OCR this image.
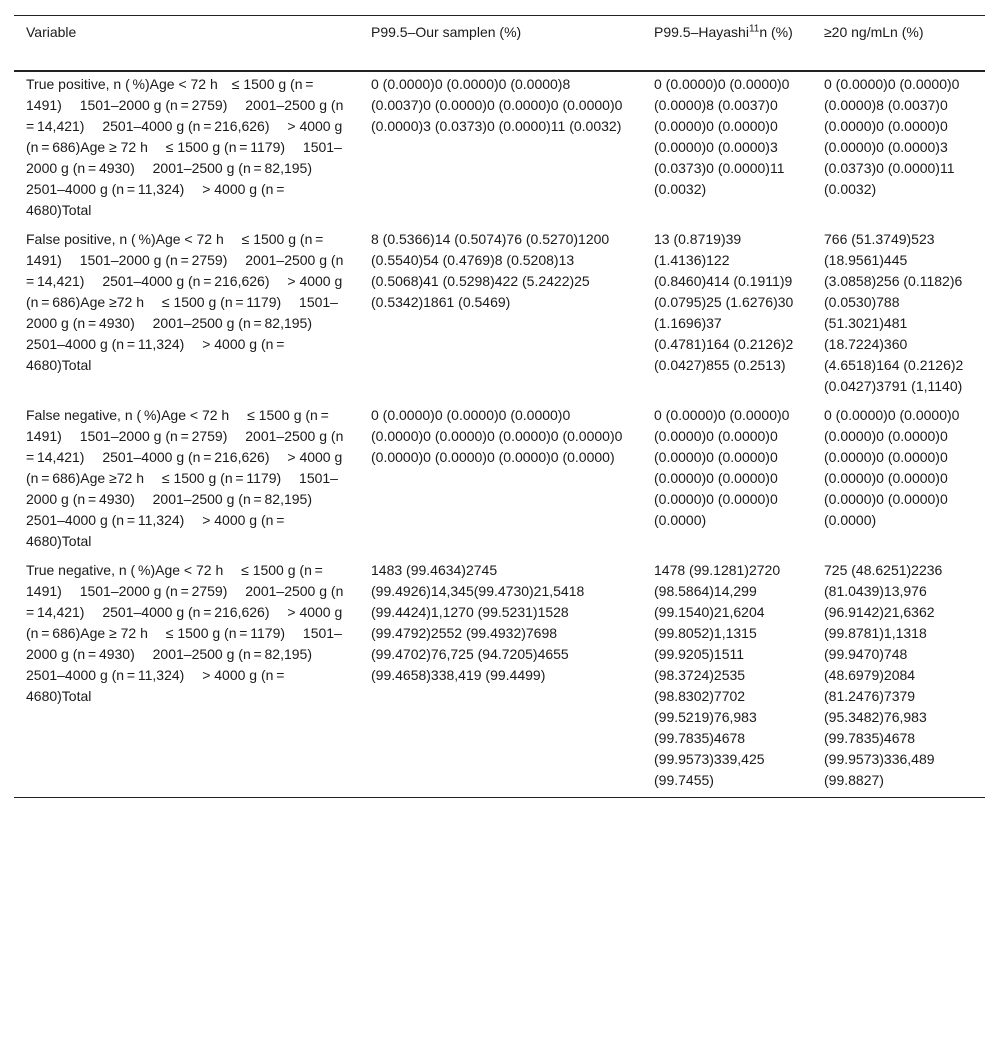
Variable	P99.5–Our samplen (%)	P99.5–Hayashi$^{11}$n (%)	≥20 ng/mLn (%)
True positive, n ( %)Age < 72 h ≤ 1500 g (n = 1491)  1501–2000 g (n = 2759)  2001–2500 g (n = 14,421)  2501–4000 g (n = 216,626)  > 4000 g (n = 686)Age ≥ 72 h  ≤ 1500 g (n = 1179)  1501–2000 g (n = 4930)  2001–2500 g (n = 82,195)  2501–4000 g (n = 11,324)  > 4000 g (n = 4680)Total	0 (0.0000)0 (0.0000)0 (0.0000)8 (0.0037)0 (0.0000)0 (0.0000)0 (0.0000)0 (0.0000)3 (0.0373)0 (0.0000)11 (0.0032)	0 (0.0000)0 (0.0000)0 (0.0000)8 (0.0037)0 (0.0000)0 (0.0000)0 (0.0000)0 (0.0000)3 (0.0373)0 (0.0000)11 (0.0032)	0 (0.0000)0 (0.0000)0 (0.0000)8 (0.0037)0 (0.0000)0 (0.0000)0 (0.0000)0 (0.0000)3 (0.0373)0 (0.0000)11 (0.0032)
False positive, n ( %)Age < 72 h  ≤ 1500 g (n = 1491)  1501–2000 g (n = 2759)  2001–2500 g (n = 14,421)  2501–4000 g (n = 216,626)  > 4000 g (n = 686)Age ≥72 h  ≤ 1500 g (n = 1179)  1501–2000 g (n = 4930)  2001–2500 g (n = 82,195)  2501–4000 g (n = 11,324)  > 4000 g (n = 4680)Total	8 (0.5366)14 (0.5074)76 (0.5270)1200 (0.5540)54 (0.4769)8 (0.5208)13 (0.5068)41 (0.5298)422 (5.2422)25 (0.5342)1861 (0.5469)	13 (0.8719)39 (1.4136)122 (0.8460)414 (0.1911)9 (0.0795)25 (1.6276)30 (1.1696)37 (0.4781)164 (0.2126)2 (0.0427)855 (0.2513)	766 (51.3749)523 (18.9561)445 (3.0858)256 (0.1182)6 (0.0530)788 (51.3021)481 (18.7224)360 (4.6518)164 (0.2126)2 (0.0427)3791 (1,1140)
False negative, n ( %)Age < 72 h  ≤ 1500 g (n = 1491)  1501–2000 g (n = 2759)  2001–2500 g (n = 14,421)  2501–4000 g (n = 216,626)  > 4000 g (n = 686)Age ≥72 h  ≤ 1500 g (n = 1179)  1501–2000 g (n = 4930)  2001–2500 g (n = 82,195)  2501–4000 g (n = 11,324)  > 4000 g (n = 4680)Total	0 (0.0000)0 (0.0000)0 (0.0000)0 (0.0000)0 (0.0000)0 (0.0000)0 (0.0000)0 (0.0000)0 (0.0000)0 (0.0000)0 (0.0000)	0 (0.0000)0 (0.0000)0 (0.0000)0 (0.0000)0 (0.0000)0 (0.0000)0 (0.0000)0 (0.0000)0 (0.0000)0 (0.0000)0 (0.0000)	0 (0.0000)0 (0.0000)0 (0.0000)0 (0.0000)0 (0.0000)0 (0.0000)0 (0.0000)0 (0.0000)0 (0.0000)0 (0.0000)0 (0.0000)
True negative, n ( %)Age < 72 h  ≤ 1500 g (n = 1491)  1501–2000 g (n = 2759)  2001–2500 g (n = 14,421)  2501–4000 g (n = 216,626)  > 4000 g (n = 686)Age ≥ 72 h  ≤ 1500 g (n = 1179)  1501–2000 g (n = 4930)  2001–2500 g (n = 82,195)  2501–4000 g (n = 11,324)  > 4000 g (n = 4680)Total	1483 (99.4634)2745 (99.4926)14,345(99.4730)21,5418 (99.4424)1,1270 (99.5231)1528 (99.4792)2552 (99.4932)7698 (99.4702)76,725 (94.7205)4655 (99.4658)338,419 (99.4499)	1478 (99.1281)2720 (98.5864)14,299 (99.1540)21,6204 (99.8052)1,1315 (99.9205)1511 (98.3724)2535 (98.8302)7702 (99.5219)76,983 (99.7835)4678 (99.9573)339,425 (99.7455)	725 (48.6251)2236 (81.0439)13,976 (96.9142)21,6362 (99.8781)1,1318 (99.9470)748 (48.6979)2084 (81.2476)7379 (95.3482)76,983 (99.7835)4678 (99.9573)336,489 (99.8827)
